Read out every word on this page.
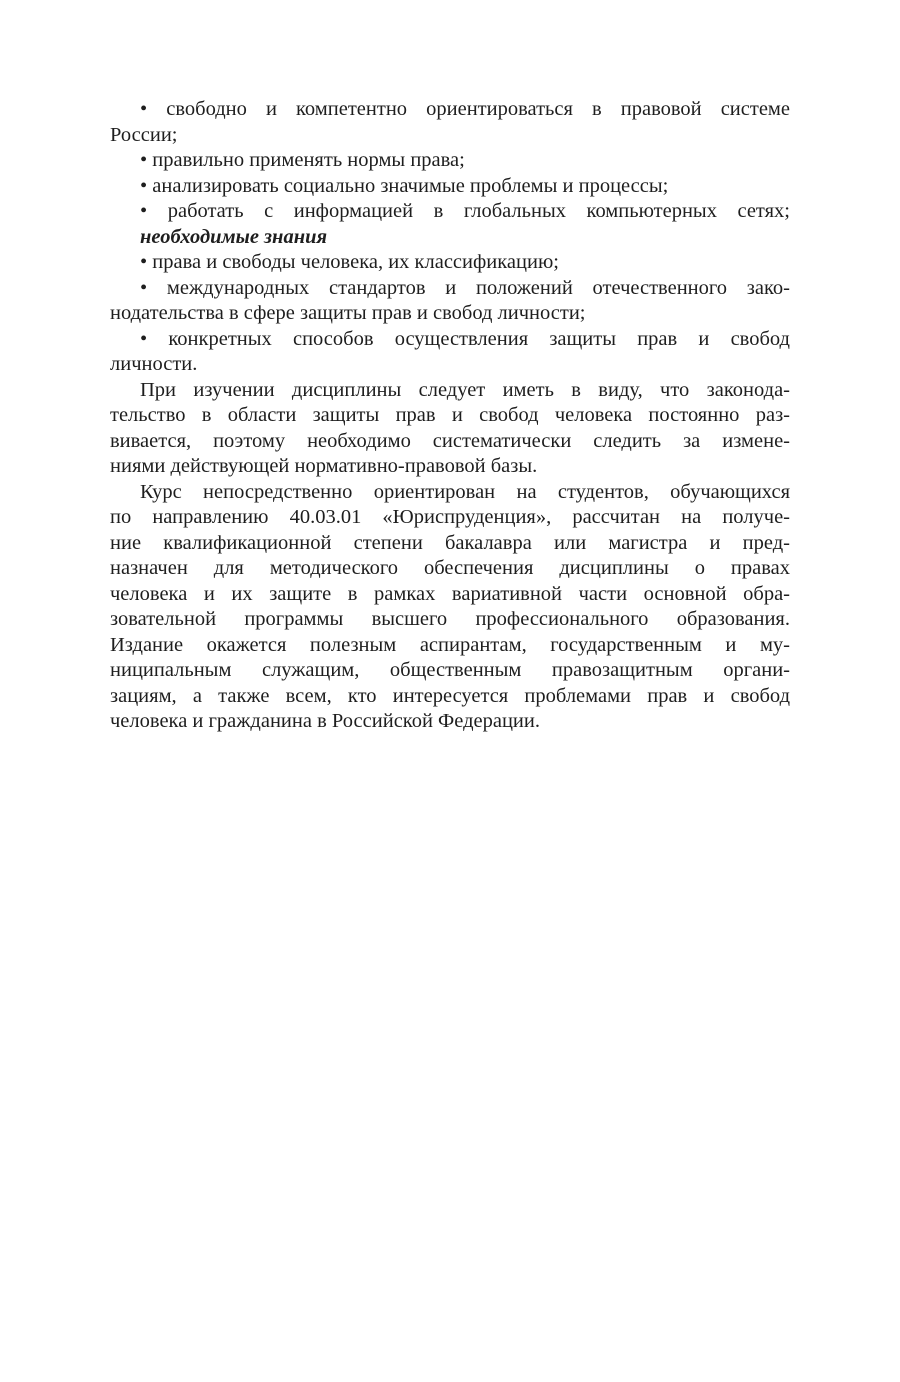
• свободно и компетентно ориентироваться в правовой системе
России;
• правильно применять нормы права;
• анализировать социально значимые проблемы и процессы;
• работать с информацией в глобальных компьютерных сетях;
необходимые знания
• права и свободы человека, их классификацию;
• международных стандартов и положений отечественного зако-
нодательства в сфере защиты прав и свобод личности;
• конкретных способов осуществления защиты прав и свобод
личности.
При изучении дисциплины следует иметь в виду, что законода-
тельство в области защиты прав и свобод человека постоянно раз-
вивается, поэтому необходимо систематически следить за измене-
ниями действующей нормативно-правовой базы.
Курс непосредственно ориентирован на студентов, обучающихся
по направлению 40.03.01 «Юриспруденция», рассчитан на получе-
ние квалификационной степени бакалавра или магистра и пред-
назначен для методического обеспечения дисциплины о правах
человека и их защите в рамках вариативной части основной обра-
зовательной программы высшего профессионального образования.
Издание окажется полезным аспирантам, государственным и му-
ниципальным служащим, общественным правозащитным органи-
зациям, а также всем, кто интересуется проблемами прав и свобод
человека и гражданина в Российской Федерации.
